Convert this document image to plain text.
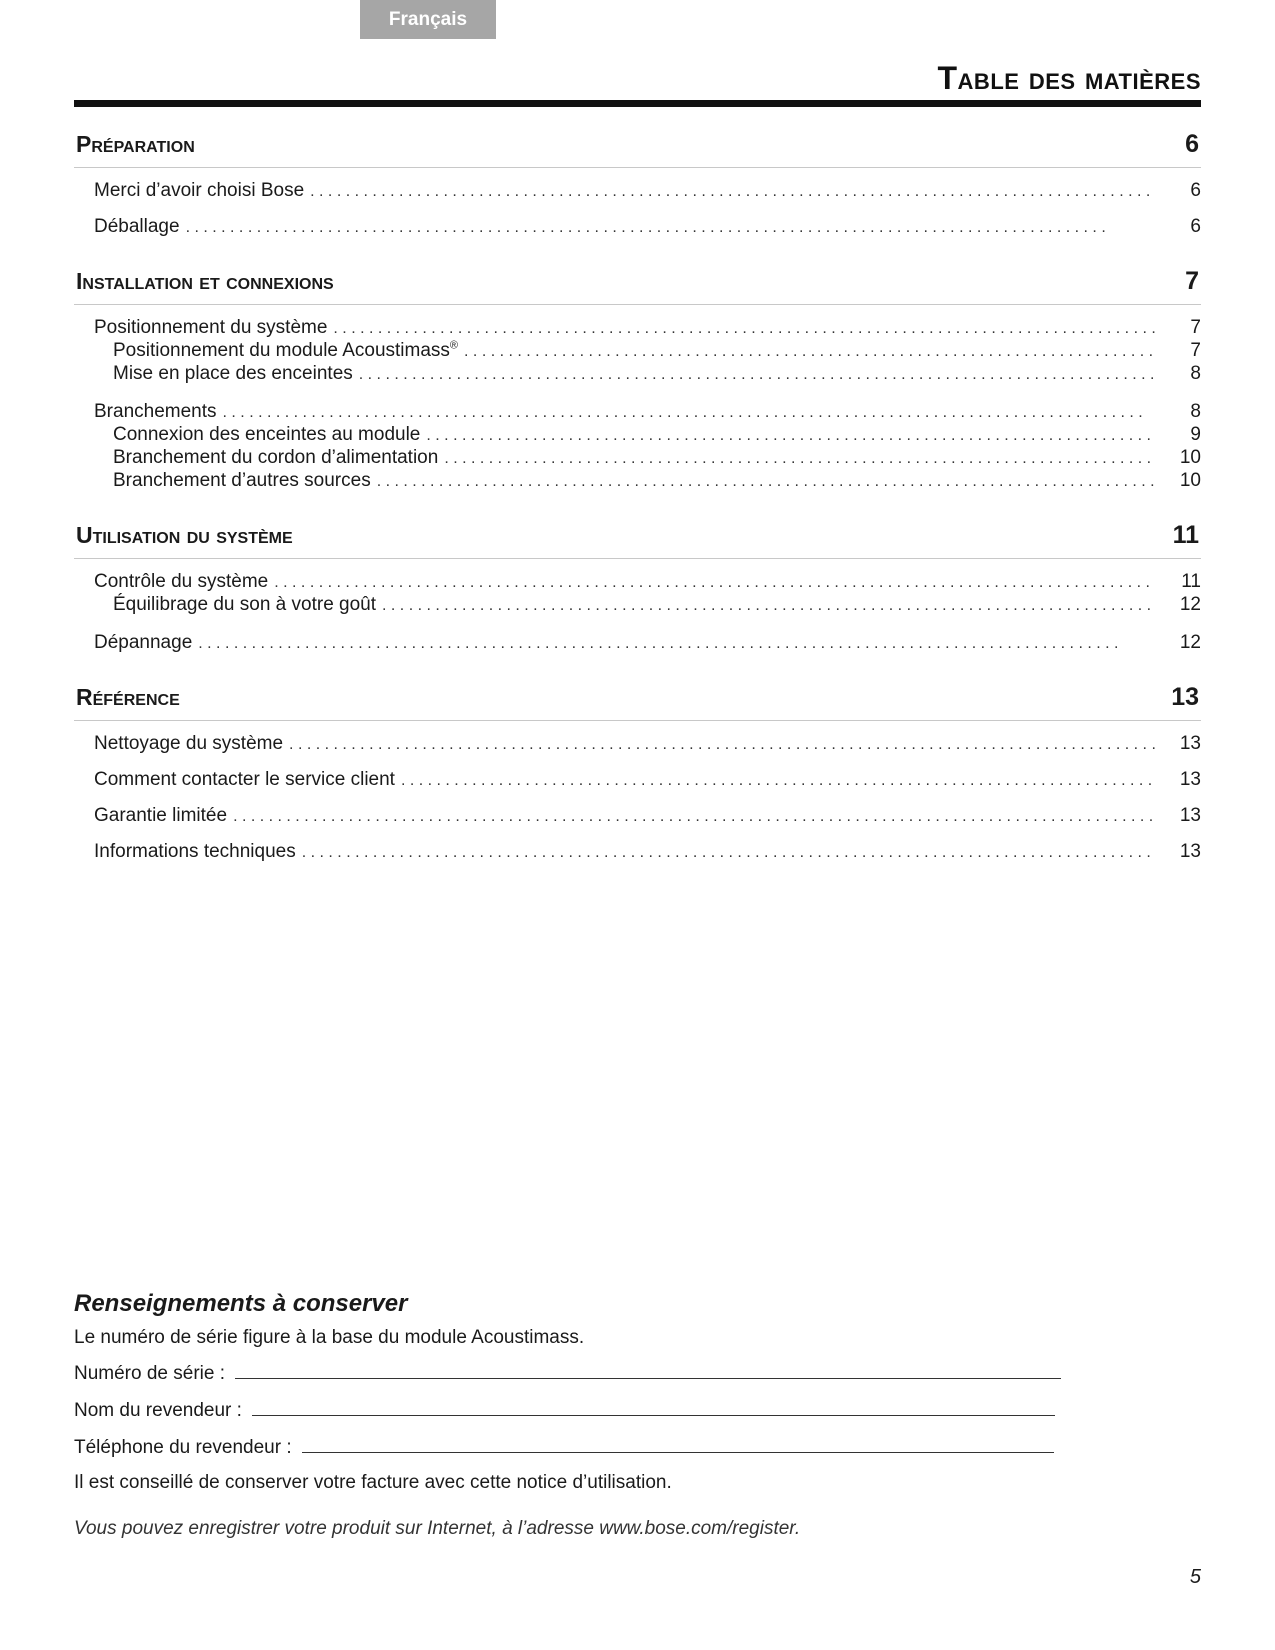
Français
Table des matières
Préparation	6
Merci d’avoir choisi Bose . . .	6
Déballage . . .	6
Installation et connexions	7
Positionnement du système . . .	7
Positionnement du module Acoustimass® . . .	7
Mise en place des enceintes . . .	8
Branchements . . .	8
Connexion des enceintes au module . . .	9
Branchement du cordon d’alimentation . . .	10
Branchement d’autres sources . . .	10
Utilisation du système	11
Contrôle du système . . .	11
Équilibrage du son à votre goût . . .	12
Dépannage . . .	12
Référence	13
Nettoyage du système . . .	13
Comment contacter le service client . . .	13
Garantie limitée . . .	13
Informations techniques . . .	13
Renseignements à conserver

Le numéro de série figure à la base du module Acoustimass.

Numéro de série :
Nom du revendeur :
Téléphone du revendeur :

Il est conseillé de conserver votre facture avec cette notice d’utilisation.

Vous pouvez enregistrer votre produit sur Internet, à l’adresse www.bose.com/register.

5
